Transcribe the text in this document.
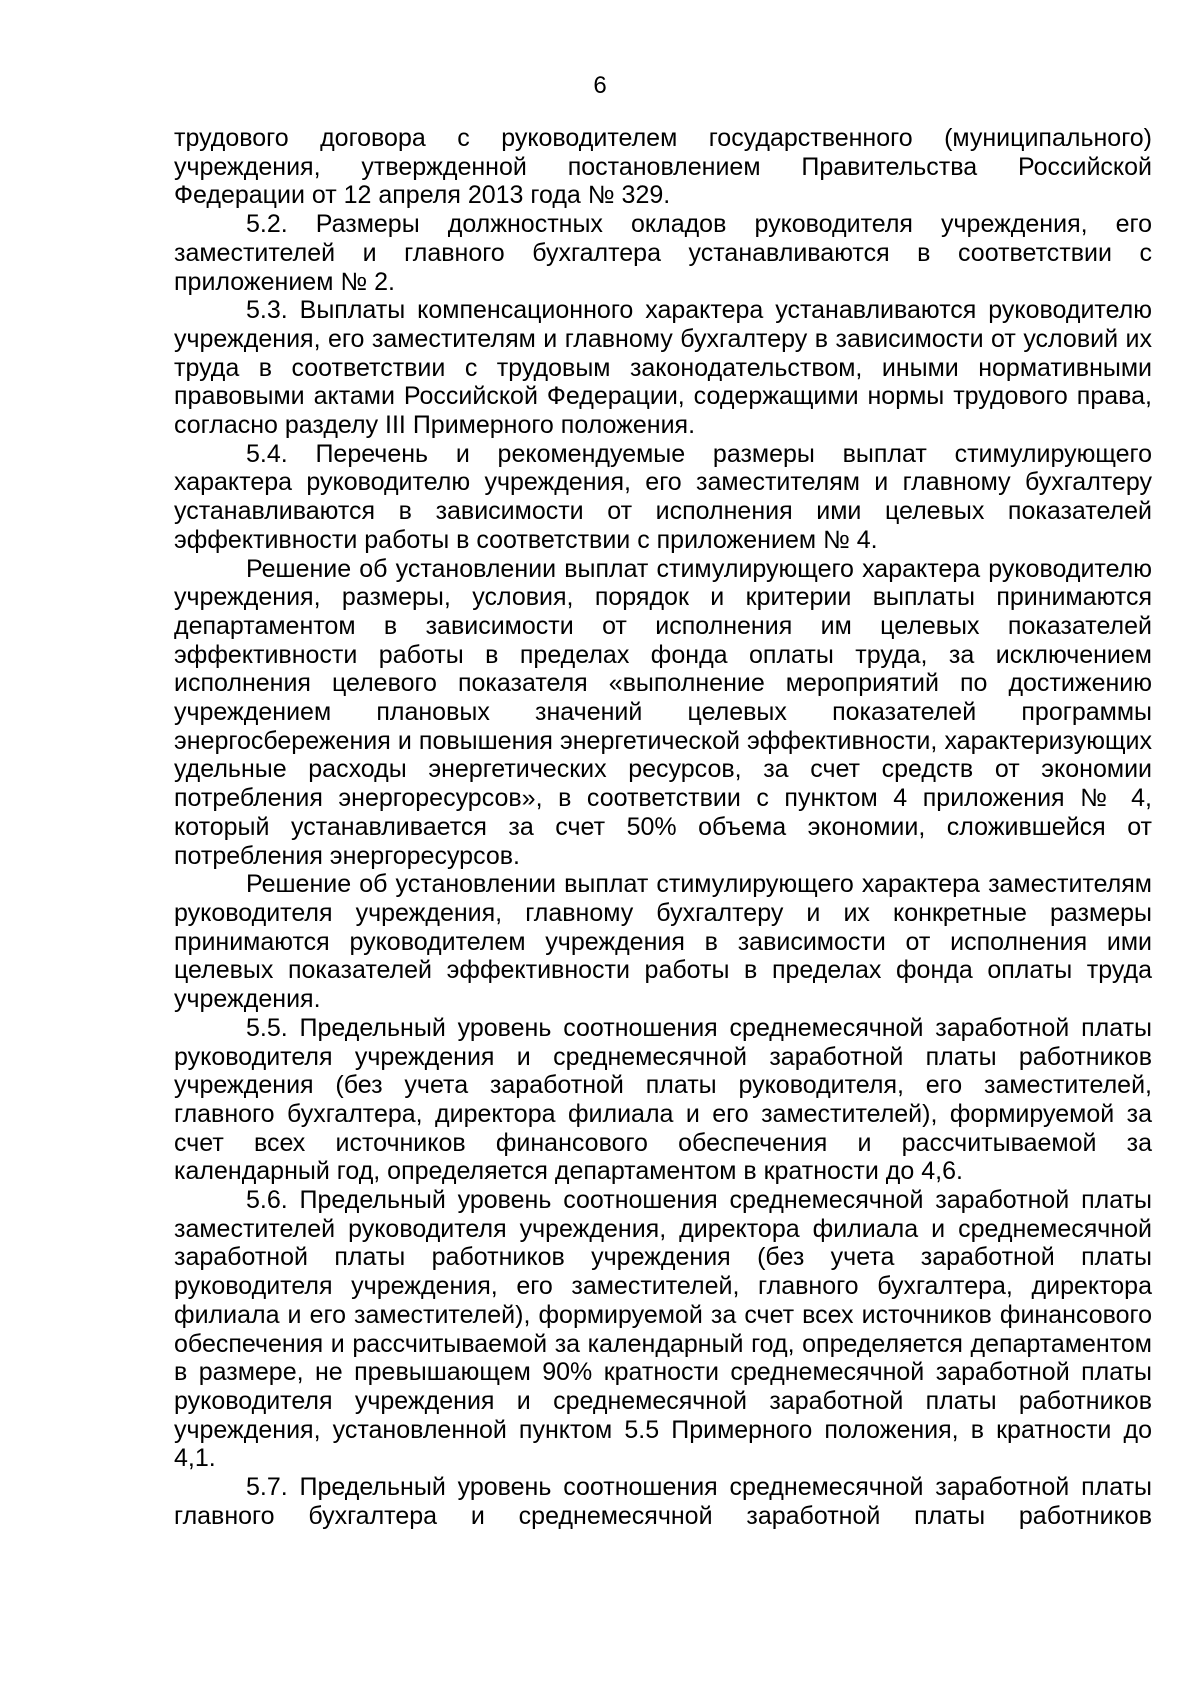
6

трудового договора с руководителем государственного (муниципального) учреждения, утвержденной постановлением Правительства Российской Федерации от 12 апреля 2013 года № 329.

5.2. Размеры должностных окладов руководителя учреждения, его заместителей и главного бухгалтера устанавливаются в соответствии с приложением № 2.

5.3. Выплаты компенсационного характера устанавливаются руководителю учреждения, его заместителям и главному бухгалтеру в зависимости от условий их труда в соответствии с трудовым законодательством, иными нормативными правовыми актами Российской Федерации, содержащими нормы трудового права, согласно разделу III Примерного положения.

5.4. Перечень и рекомендуемые размеры выплат стимулирующего характера руководителю учреждения, его заместителям и главному бухгалтеру устанавливаются в зависимости от исполнения ими целевых показателей эффективности работы в соответствии с приложением № 4.

Решение об установлении выплат стимулирующего характера руководителю учреждения, размеры, условия, порядок и критерии выплаты принимаются департаментом в зависимости от исполнения им целевых показателей эффективности работы в пределах фонда оплаты труда, за исключением исполнения целевого показателя «выполнение мероприятий по достижению учреждением плановых значений целевых показателей программы энергосбережения и повышения энергетической эффективности, характеризующих удельные расходы энергетических ресурсов, за счет средств от экономии потребления энергоресурсов», в соответствии с пунктом 4 приложения № 4, который устанавливается за счет 50% объема экономии, сложившейся от потребления энергоресурсов.

Решение об установлении выплат стимулирующего характера заместителям руководителя учреждения, главному бухгалтеру и их конкретные размеры принимаются руководителем учреждения в зависимости от исполнения ими целевых показателей эффективности работы в пределах фонда оплаты труда учреждения.

5.5. Предельный уровень соотношения среднемесячной заработной платы руководителя учреждения и среднемесячной заработной платы работников учреждения (без учета заработной платы руководителя, его заместителей, главного бухгалтера, директора филиала и его заместителей), формируемой за счет всех источников финансового обеспечения и рассчитываемой за календарный год, определяется департаментом в кратности до 4,6.

5.6. Предельный уровень соотношения среднемесячной заработной платы заместителей руководителя учреждения, директора филиала и среднемесячной заработной платы работников учреждения (без учета заработной платы руководителя учреждения, его заместителей, главного бухгалтера, директора филиала и его заместителей), формируемой за счет всех источников финансового обеспечения и рассчитываемой за календарный год, определяется департаментом в размере, не превышающем 90% кратности среднемесячной заработной платы руководителя учреждения и среднемесячной заработной платы работников учреждения, установленной пунктом 5.5 Примерного положения, в кратности до 4,1.

5.7. Предельный уровень соотношения среднемесячной заработной платы главного бухгалтера и среднемесячной заработной платы работников
